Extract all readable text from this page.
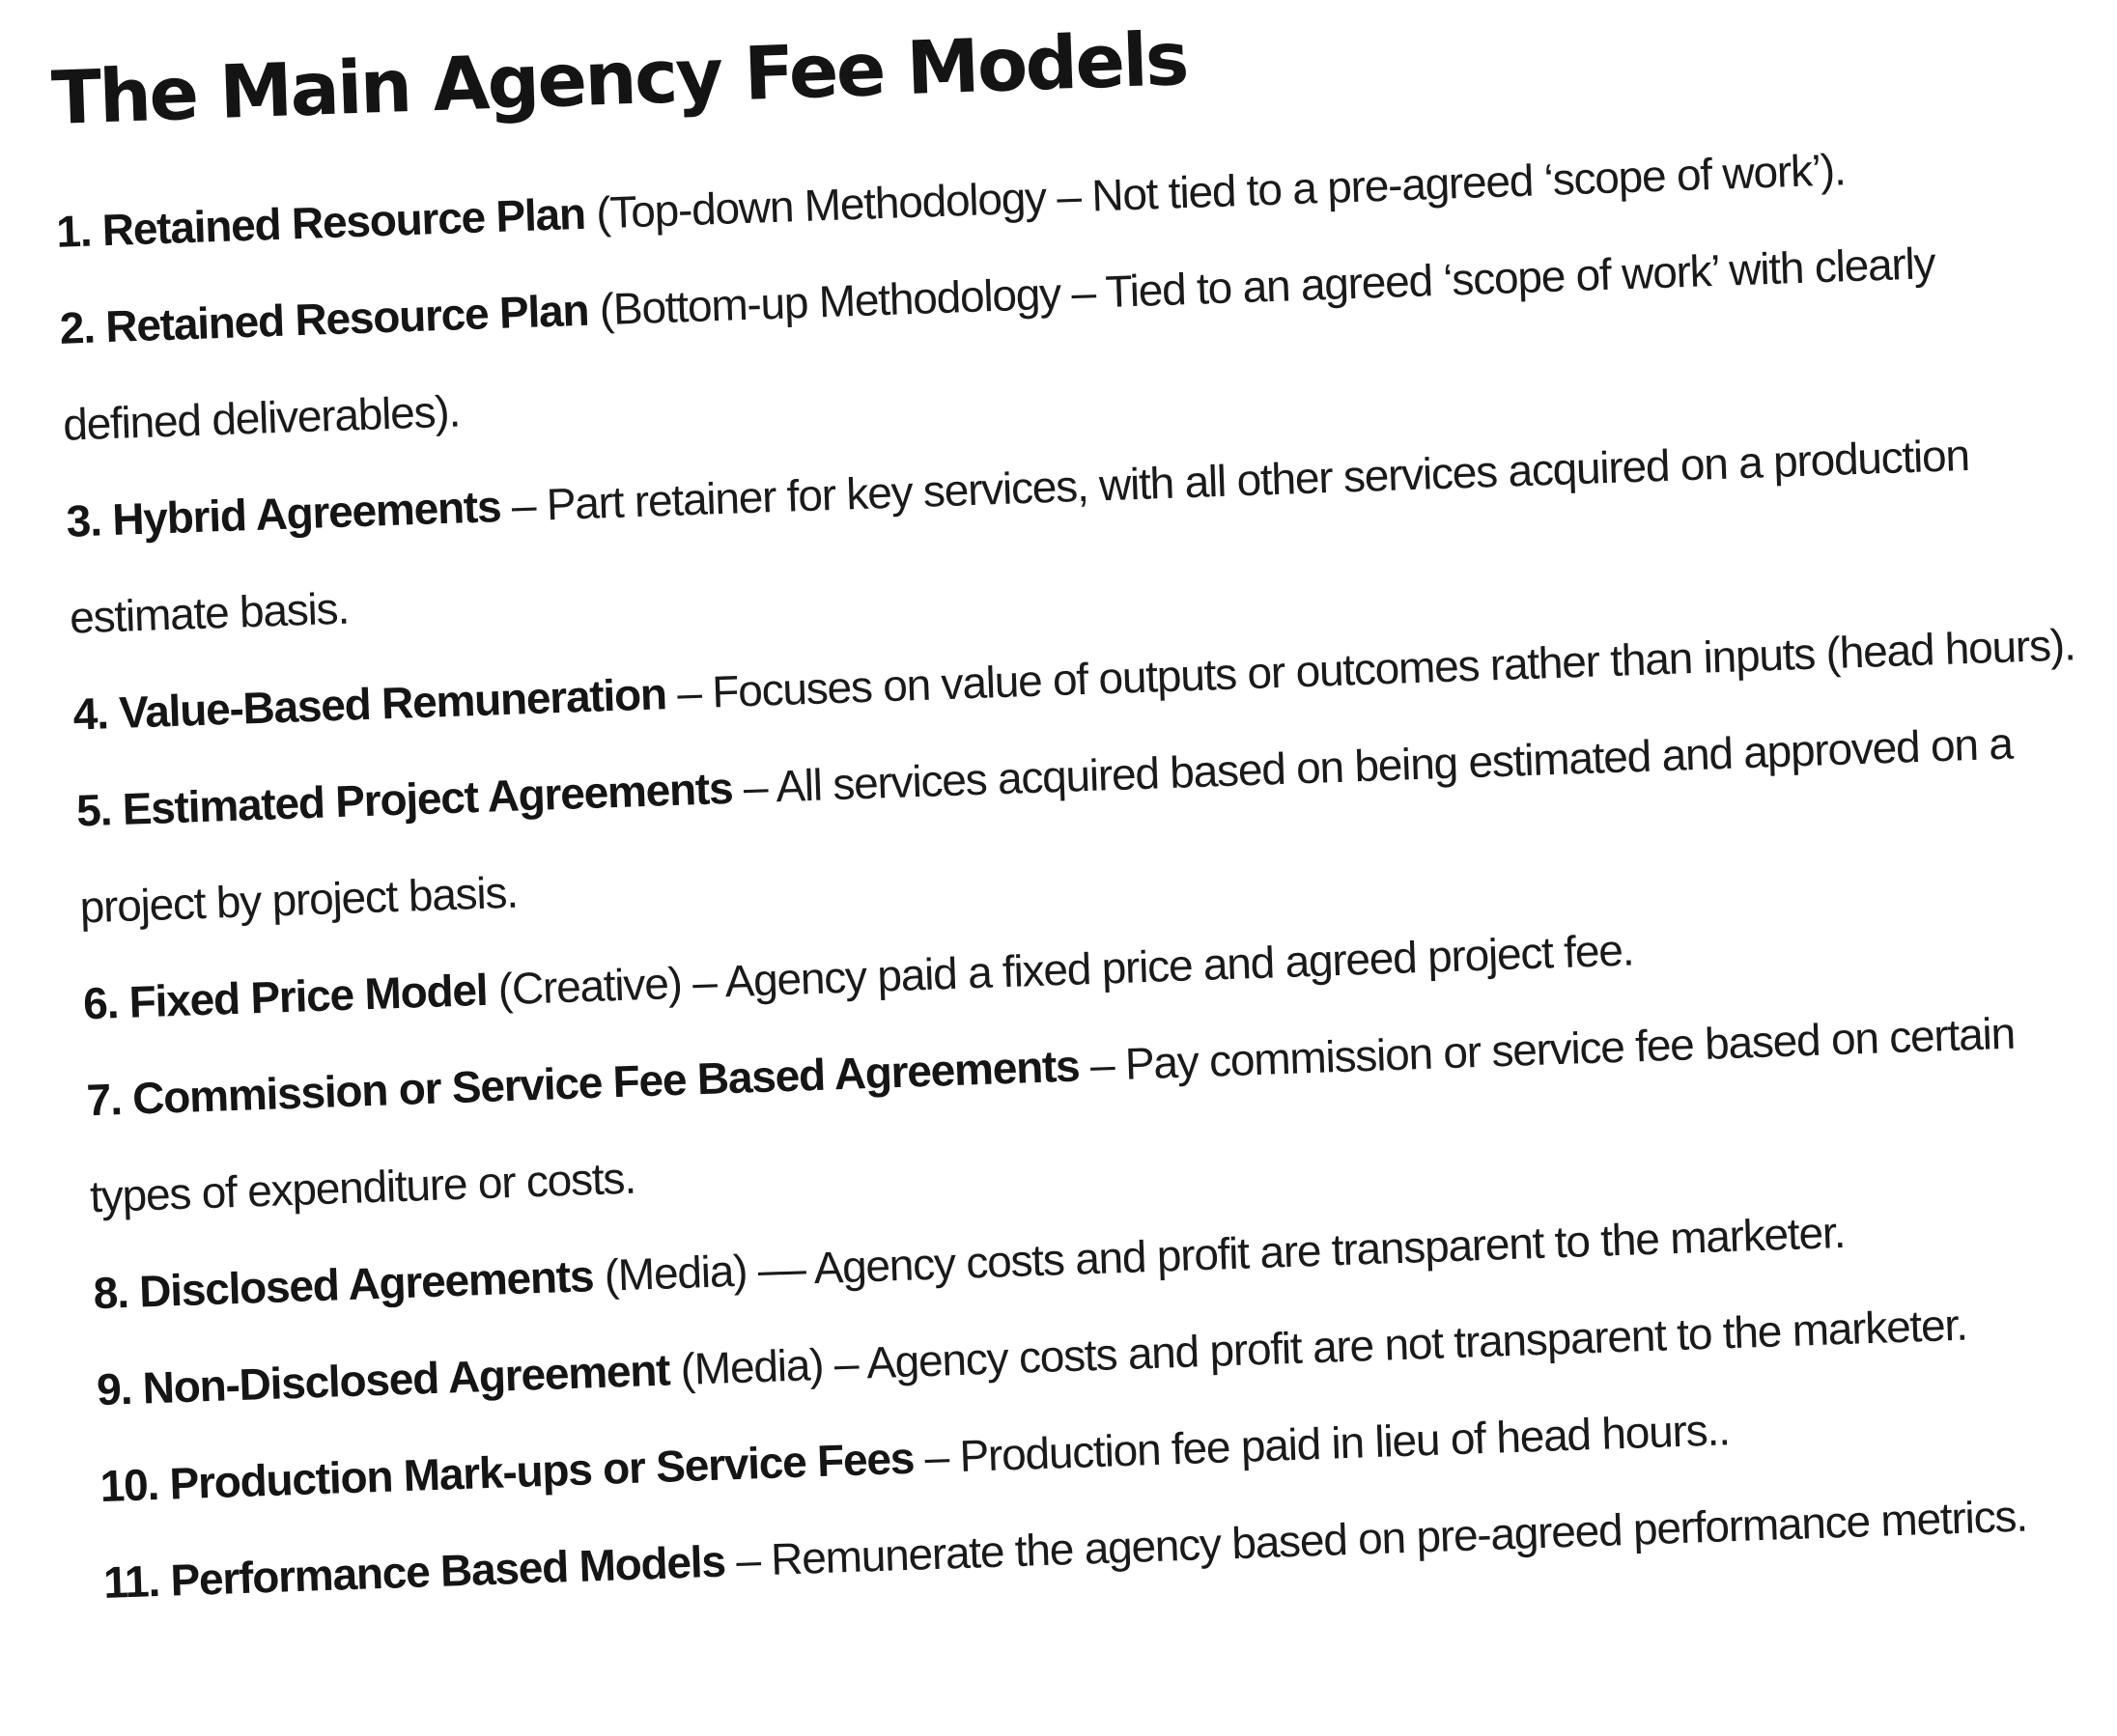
The Main Agency Fee Models
1. Retained Resource Plan (Top-down Methodology – Not tied to a pre-agreed ‘scope of work’).
2. Retained Resource Plan (Bottom-up Methodology – Tied to an agreed ‘scope of work’ with clearly defined deliverables).
3. Hybrid Agreements – Part retainer for key services, with all other services acquired on a production estimate basis.
4. Value-Based Remuneration – Focuses on value of outputs or outcomes rather than inputs (head hours).
5. Estimated Project Agreements – All services acquired based on being estimated and approved on a project by project basis.
6. Fixed Price Model (Creative) – Agency paid a fixed price and agreed project fee.
7. Commission or Service Fee Based Agreements – Pay commission or service fee based on certain types of expenditure or costs.
8. Disclosed Agreements (Media) –– Agency costs and profit are transparent to the marketer.
9. Non-Disclosed Agreement (Media) – Agency costs and profit are not transparent to the marketer.
10. Production Mark-ups or Service Fees – Production fee paid in lieu of head hours..
11. Performance Based Models – Remunerate the agency based on pre-agreed performance metrics.
